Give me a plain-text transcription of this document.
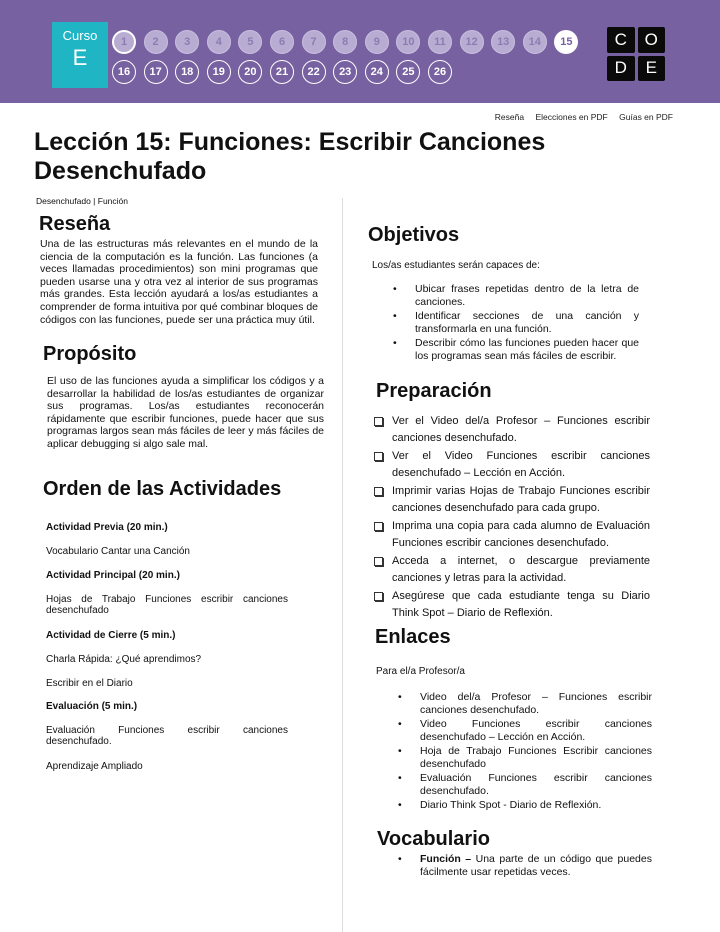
Curso
E
1	2	3	4	5	6	7	8	9	10	11	12	13	14	15
16	17	18	19	20	21	22	23	24	25	26
C	O
D	E
Reseña Elecciones en PDF Guías en PDF
Lección 15: Funciones: Escribir Canciones Desenchufado
Desenchufado | Función
Reseña
Una de las estructuras más relevantes en el mundo de la ciencia de la computación es la función. Las funciones (a veces llamadas procedimientos) son mini programas que pueden usarse una y otra vez al interior de sus programas más grandes. Esta lección ayudará a los/as estudiantes a comprender de forma intuitiva por qué combinar bloques de códigos con las funciones, puede ser una práctica muy útil.
Propósito
El uso de las funciones ayuda a simplificar los códigos y a desarrollar la habilidad de los/as estudiantes de organizar sus programas. Los/as estudiantes reconocerán rápidamente que escribir funciones, puede hacer que sus programas largos sean más fáciles de leer y más fáciles de aplicar debugging si algo sale mal.
Orden de las Actividades
Actividad Previa (20 min.)
Vocabulario Cantar una Canción
Actividad Principal (20 min.)
Hojas de Trabajo Funciones escribir canciones desenchufado
Actividad de Cierre (5 min.)
Charla Rápida: ¿Qué aprendimos?
Escribir en el Diario
Evaluación (5 min.)
Evaluación Funciones escribir canciones desenchufado.
Aprendizaje Ampliado
Objetivos
Los/as estudiantes serán capaces de:
• Ubicar frases repetidas dentro de la letra de canciones.
• Identificar secciones de una canción y transformarla en una función.
• Describir cómo las funciones pueden hacer que los programas sean más fáciles de escribir.
Preparación
Ver el Video del/a Profesor – Funciones escribir canciones desenchufado.
Ver el Video Funciones escribir canciones desenchufado – Lección en Acción.
Imprimir varias Hojas de Trabajo Funciones escribir canciones desenchufado para cada grupo.
Imprima una copia para cada alumno de Evaluación Funciones escribir canciones desenchufado.
Acceda a internet, o descargue previamente canciones y letras para la actividad.
Asegúrese que cada estudiante tenga su Diario Think Spot – Diario de Reflexión.
Enlaces
Para el/a Profesor/a
• Video del/a Profesor – Funciones escribir canciones desenchufado.
• Video Funciones escribir canciones desenchufado – Lección en Acción.
• Hoja de Trabajo Funciones Escribir canciones desenchufado
• Evaluación Funciones escribir canciones desenchufado.
• Diario Think Spot - Diario de Reflexión.
Vocabulario
• Función – Una parte de un código que puedes fácilmente usar repetidas veces.
